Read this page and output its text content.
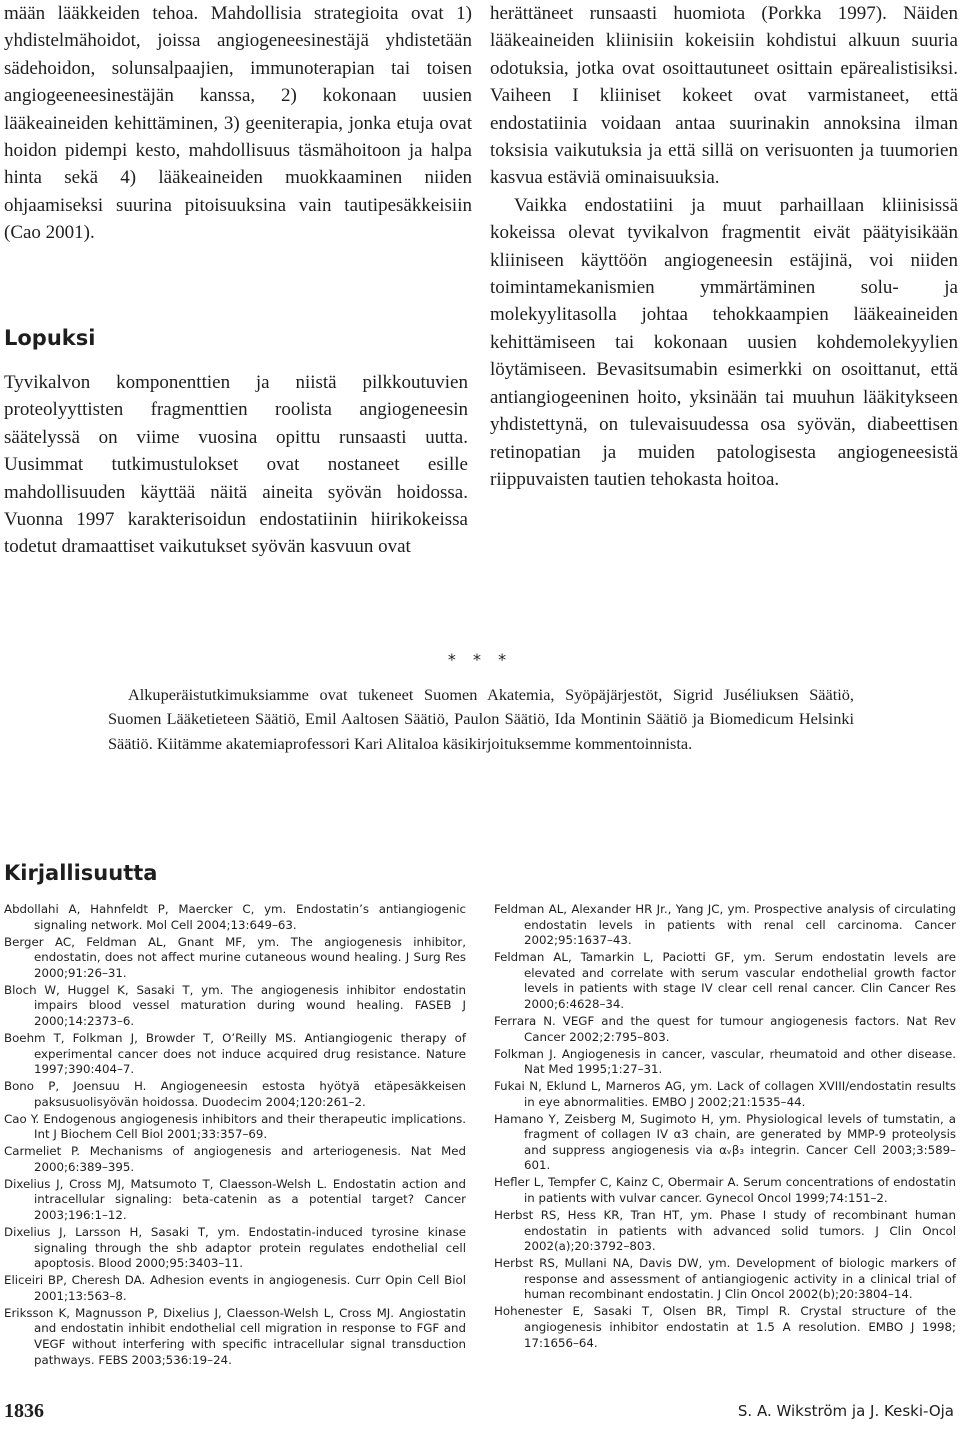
mään lääkkeiden tehoa. Mahdollisia strategioita ovat 1) yhdistelmähoidot, joissa angiogeneesinestäjä yhdistetään sädehoidon, solunsalpaajien, immunoterapian tai toisen angiogeeneesinestäjän kanssa, 2) kokonaan uusien lääkeaineiden kehittäminen, 3) geeniterapia, jonka etuja ovat hoidon pidempi kesto, mahdollisuus täsmähoitoon ja halpa hinta sekä 4) lääkeaineiden muokkaaminen niiden ohjaamiseksi suurina pitoisuuksina vain tautipesäkkeisiin (Cao 2001).

Lopuksi

Tyvikalvon komponenttien ja niistä pilkkoutuvien proteolyyttisten fragmenttien roolista angiogeneesin säätelyssä on viime vuosina opittu runsaasti uutta. Uusimmat tutkimustulokset ovat nostaneet esille mahdollisuuden käyttää näitä aineita syövän hoidossa. Vuonna 1997 karakterisoidun endostatiinin hiirikokeissa todetut dramaattiset vaikutukset syövän kasvuun ovat

herättäneet runsaasti huomiota (Porkka 1997). Näiden lääkeaineiden kliinisiin kokeisiin kohdistui alkuun suuria odotuksia, jotka ovat osoittautuneet osittain epärealistisiksi. Vaiheen I kliiniset kokeet ovat varmistaneet, että endostatiinia voidaan antaa suurinakin annoksina ilman toksisia vaikutuksia ja että sillä on verisuonten ja tuumorien kasvua estäviä ominaisuuksia.

Vaikka endostatiini ja muut parhaillaan kliinisissä kokeissa olevat tyvikalvon fragmentit eivät päätyisikään kliiniseen käyttöön angiogeneesin estäjinä, voi niiden toimintamekanismien ymmärtäminen solu- ja molekyylitasolla johtaa tehokkaampien lääkeaineiden kehittämiseen tai kokonaan uusien kohdemolekyylien löytämiseen. Bevasitsumabin esimerkki on osoittanut, että antiangiogeeninen hoito, yksinään tai muuhun lääkitykseen yhdistettynä, on tulevaisuudessa osa syövän, diabeettisen retinopatian ja muiden patologisesta angiogeneesistä riippuvaisten tautien tehokasta hoitoa.

* * *

Alkuperäistutkimuksiamme ovat tukeneet Suomen Akatemia, Syöpäjärjestöt, Sigrid Juséliuksen Säätiö, Suomen Lääketieteen Säätiö, Emil Aaltosen Säätiö, Paulon Säätiö, Ida Montinin Säätiö ja Biomedicum Helsinki Säätiö. Kiitämme akatemiaprofessori Kari Alitaloa käsikirjoituksemme kommentoinnista.

Kirjallisuutta

Abdollahi A, Hahnfeldt P, Maercker C, ym. Endostatin’s antiangiogenic signaling network. Mol Cell 2004;13:649–63.

Berger AC, Feldman AL, Gnant MF, ym. The angiogenesis inhibitor, endostatin, does not affect murine cutaneous wound healing. J Surg Res 2000;91:26–31.

Bloch W, Huggel K, Sasaki T, ym. The angiogenesis inhibitor endostatin impairs blood vessel maturation during wound healing. FASEB J 2000;14:2373–6.

Boehm T, Folkman J, Browder T, O’Reilly MS. Antiangiogenic therapy of experimental cancer does not induce acquired drug resistance. Nature 1997;390:404–7.

Bono P, Joensuu H. Angiogeneesin estosta hyötyä etäpesäkkeisen paksusuolisyövän hoidossa. Duodecim 2004;120:261–2.

Cao Y. Endogenous angiogenesis inhibitors and their therapeutic implications. Int J Biochem Cell Biol 2001;33:357–69.

Carmeliet P. Mechanisms of angiogenesis and arteriogenesis. Nat Med 2000;6:389–395.

Dixelius J, Cross MJ, Matsumoto T, Claesson-Welsh L. Endostatin action and intracellular signaling: beta-catenin as a potential target? Cancer 2003;196:1–12.

Dixelius J, Larsson H, Sasaki T, ym. Endostatin-induced tyrosine kinase signaling through the shb adaptor protein regulates endothelial cell apoptosis. Blood 2000;95:3403–11.

Eliceiri BP, Cheresh DA. Adhesion events in angiogenesis. Curr Opin Cell Biol 2001;13:563–8.

Eriksson K, Magnusson P, Dixelius J, Claesson-Welsh L, Cross MJ. Angiostatin and endostatin inhibit endothelial cell migration in response to FGF and VEGF without interfering with specific intracellular signal transduction pathways. FEBS 2003;536:19–24.

Feldman AL, Alexander HR Jr., Yang JC, ym. Prospective analysis of circulating endostatin levels in patients with renal cell carcinoma. Cancer 2002;95:1637–43.

Feldman AL, Tamarkin L, Paciotti GF, ym. Serum endostatin levels are elevated and correlate with serum vascular endothelial growth factor levels in patients with stage IV clear cell renal cancer. Clin Cancer Res 2000;6:4628–34.

Ferrara N. VEGF and the quest for tumour angiogenesis factors. Nat Rev Cancer 2002;2:795–803.

Folkman J. Angiogenesis in cancer, vascular, rheumatoid and other disease. Nat Med 1995;1:27–31.

Fukai N, Eklund L, Marneros AG, ym. Lack of collagen XVIII/endostatin results in eye abnormalities. EMBO J 2002;21:1535–44.

Hamano Y, Zeisberg M, Sugimoto H, ym. Physiological levels of tumstatin, a fragment of collagen IV α3 chain, are generated by MMP-9 proteolysis and suppress angiogenesis via αᵥβ₃ integrin. Cancer Cell 2003;3:589–601.

Hefler L, Tempfer C, Kainz C, Obermair A. Serum concentrations of endostatin in patients with vulvar cancer. Gynecol Oncol 1999;74:151–2.

Herbst RS, Hess KR, Tran HT, ym. Phase I study of recombinant human endostatin in patients with advanced solid tumors. J Clin Oncol 2002(a);20:3792–803.

Herbst RS, Mullani NA, Davis DW, ym. Development of biologic markers of response and assessment of antiangiogenic activity in a clinical trial of human recombinant endostatin. J Clin Oncol 2002(b);20:3804–14.

Hohenester E, Sasaki T, Olsen BR, Timpl R. Crystal structure of the angiogenesis inhibitor endostatin at 1.5 A resolution. EMBO J 1998; 17:1656–64.

1836	S. A. Wikström ja J. Keski-Oja
